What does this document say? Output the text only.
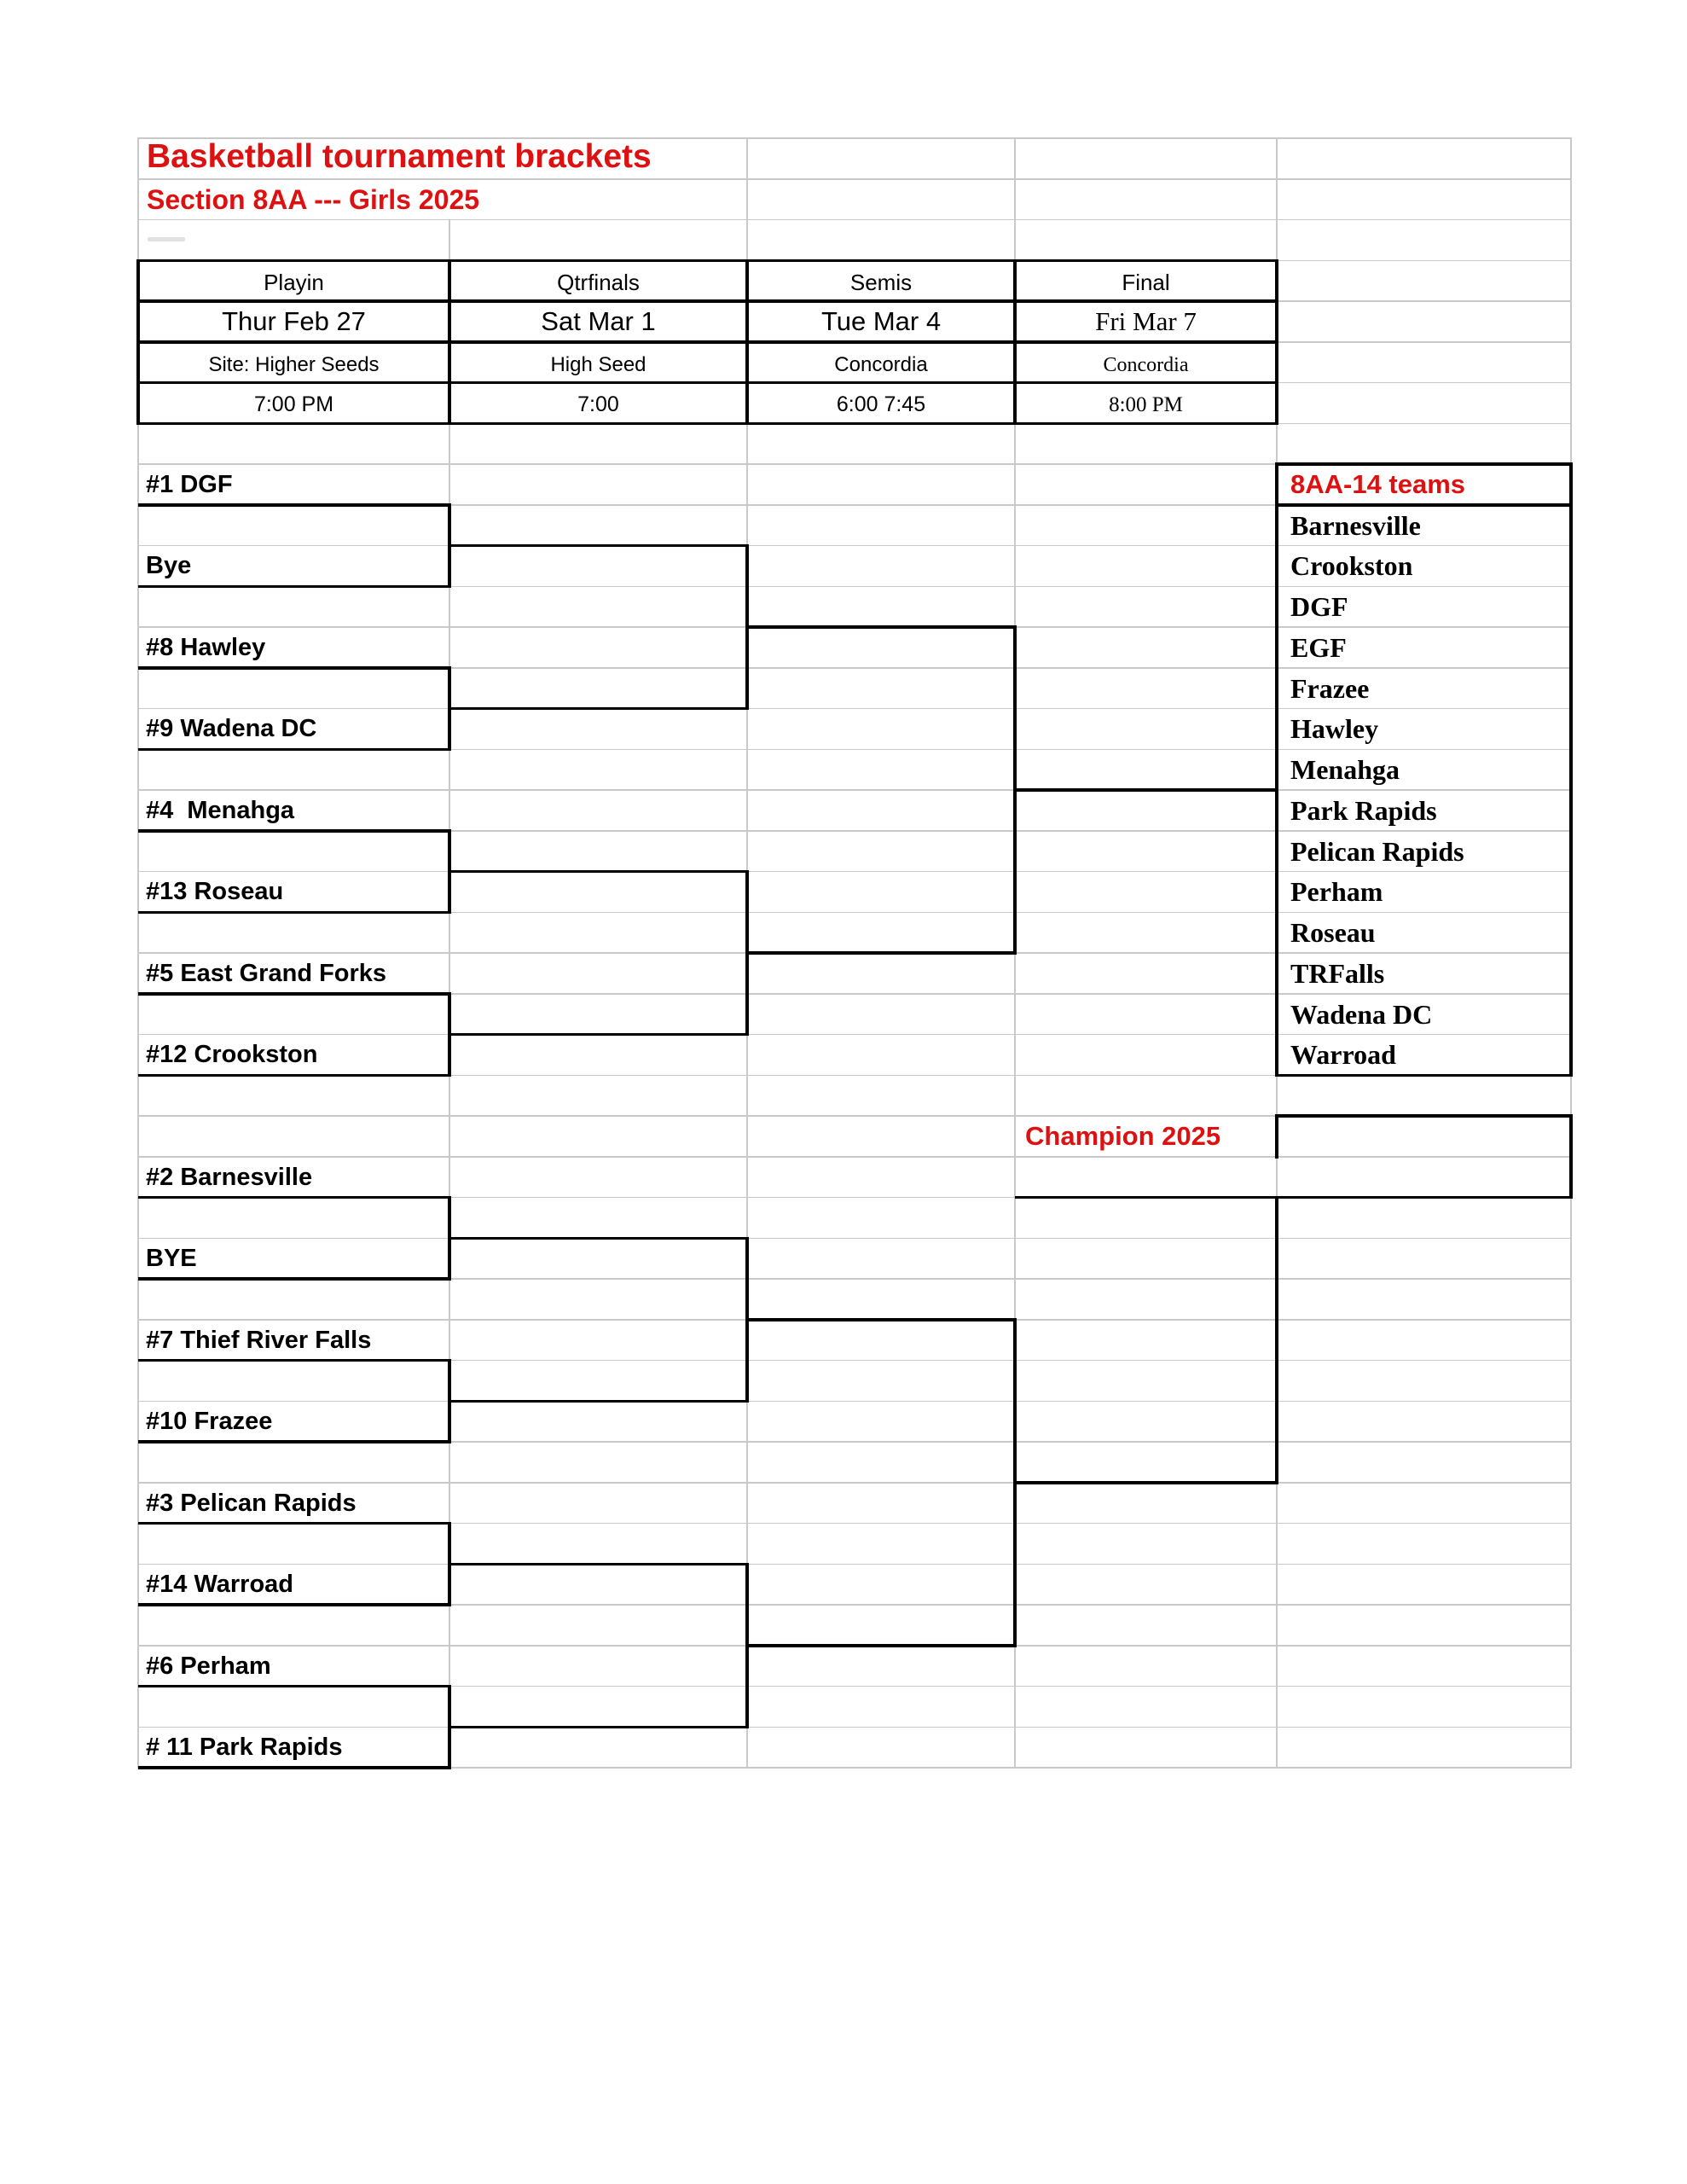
Basketball tournament brackets
Section 8AA --- Girls 2025
Champion 2025
8AA-14 teams
Playin	Qtrfinals	Semis	Final
Thur Feb 27	Sat Mar 1	Tue Mar 4	Fri Mar 7
Site: Higher Seeds	High Seed	Concordia	Concordia
7:00 PM	7:00	6:00 7:45	8:00 PM
#1 DGF
Bye
#8 Hawley
#9 Wadena DC
#4  Menahga
#13 Roseau
#5 East Grand Forks
#12 Crookston
#2 Barnesville
BYE
#7 Thief River Falls
#10 Frazee
#3 Pelican Rapids
#14 Warroad
#6 Perham
# 11 Park Rapids
Barnesville
Crookston
DGF
EGF
Frazee
Hawley
Menahga
Park Rapids
Pelican Rapids
Perham
Roseau
TRFalls
Wadena DC
Warroad
